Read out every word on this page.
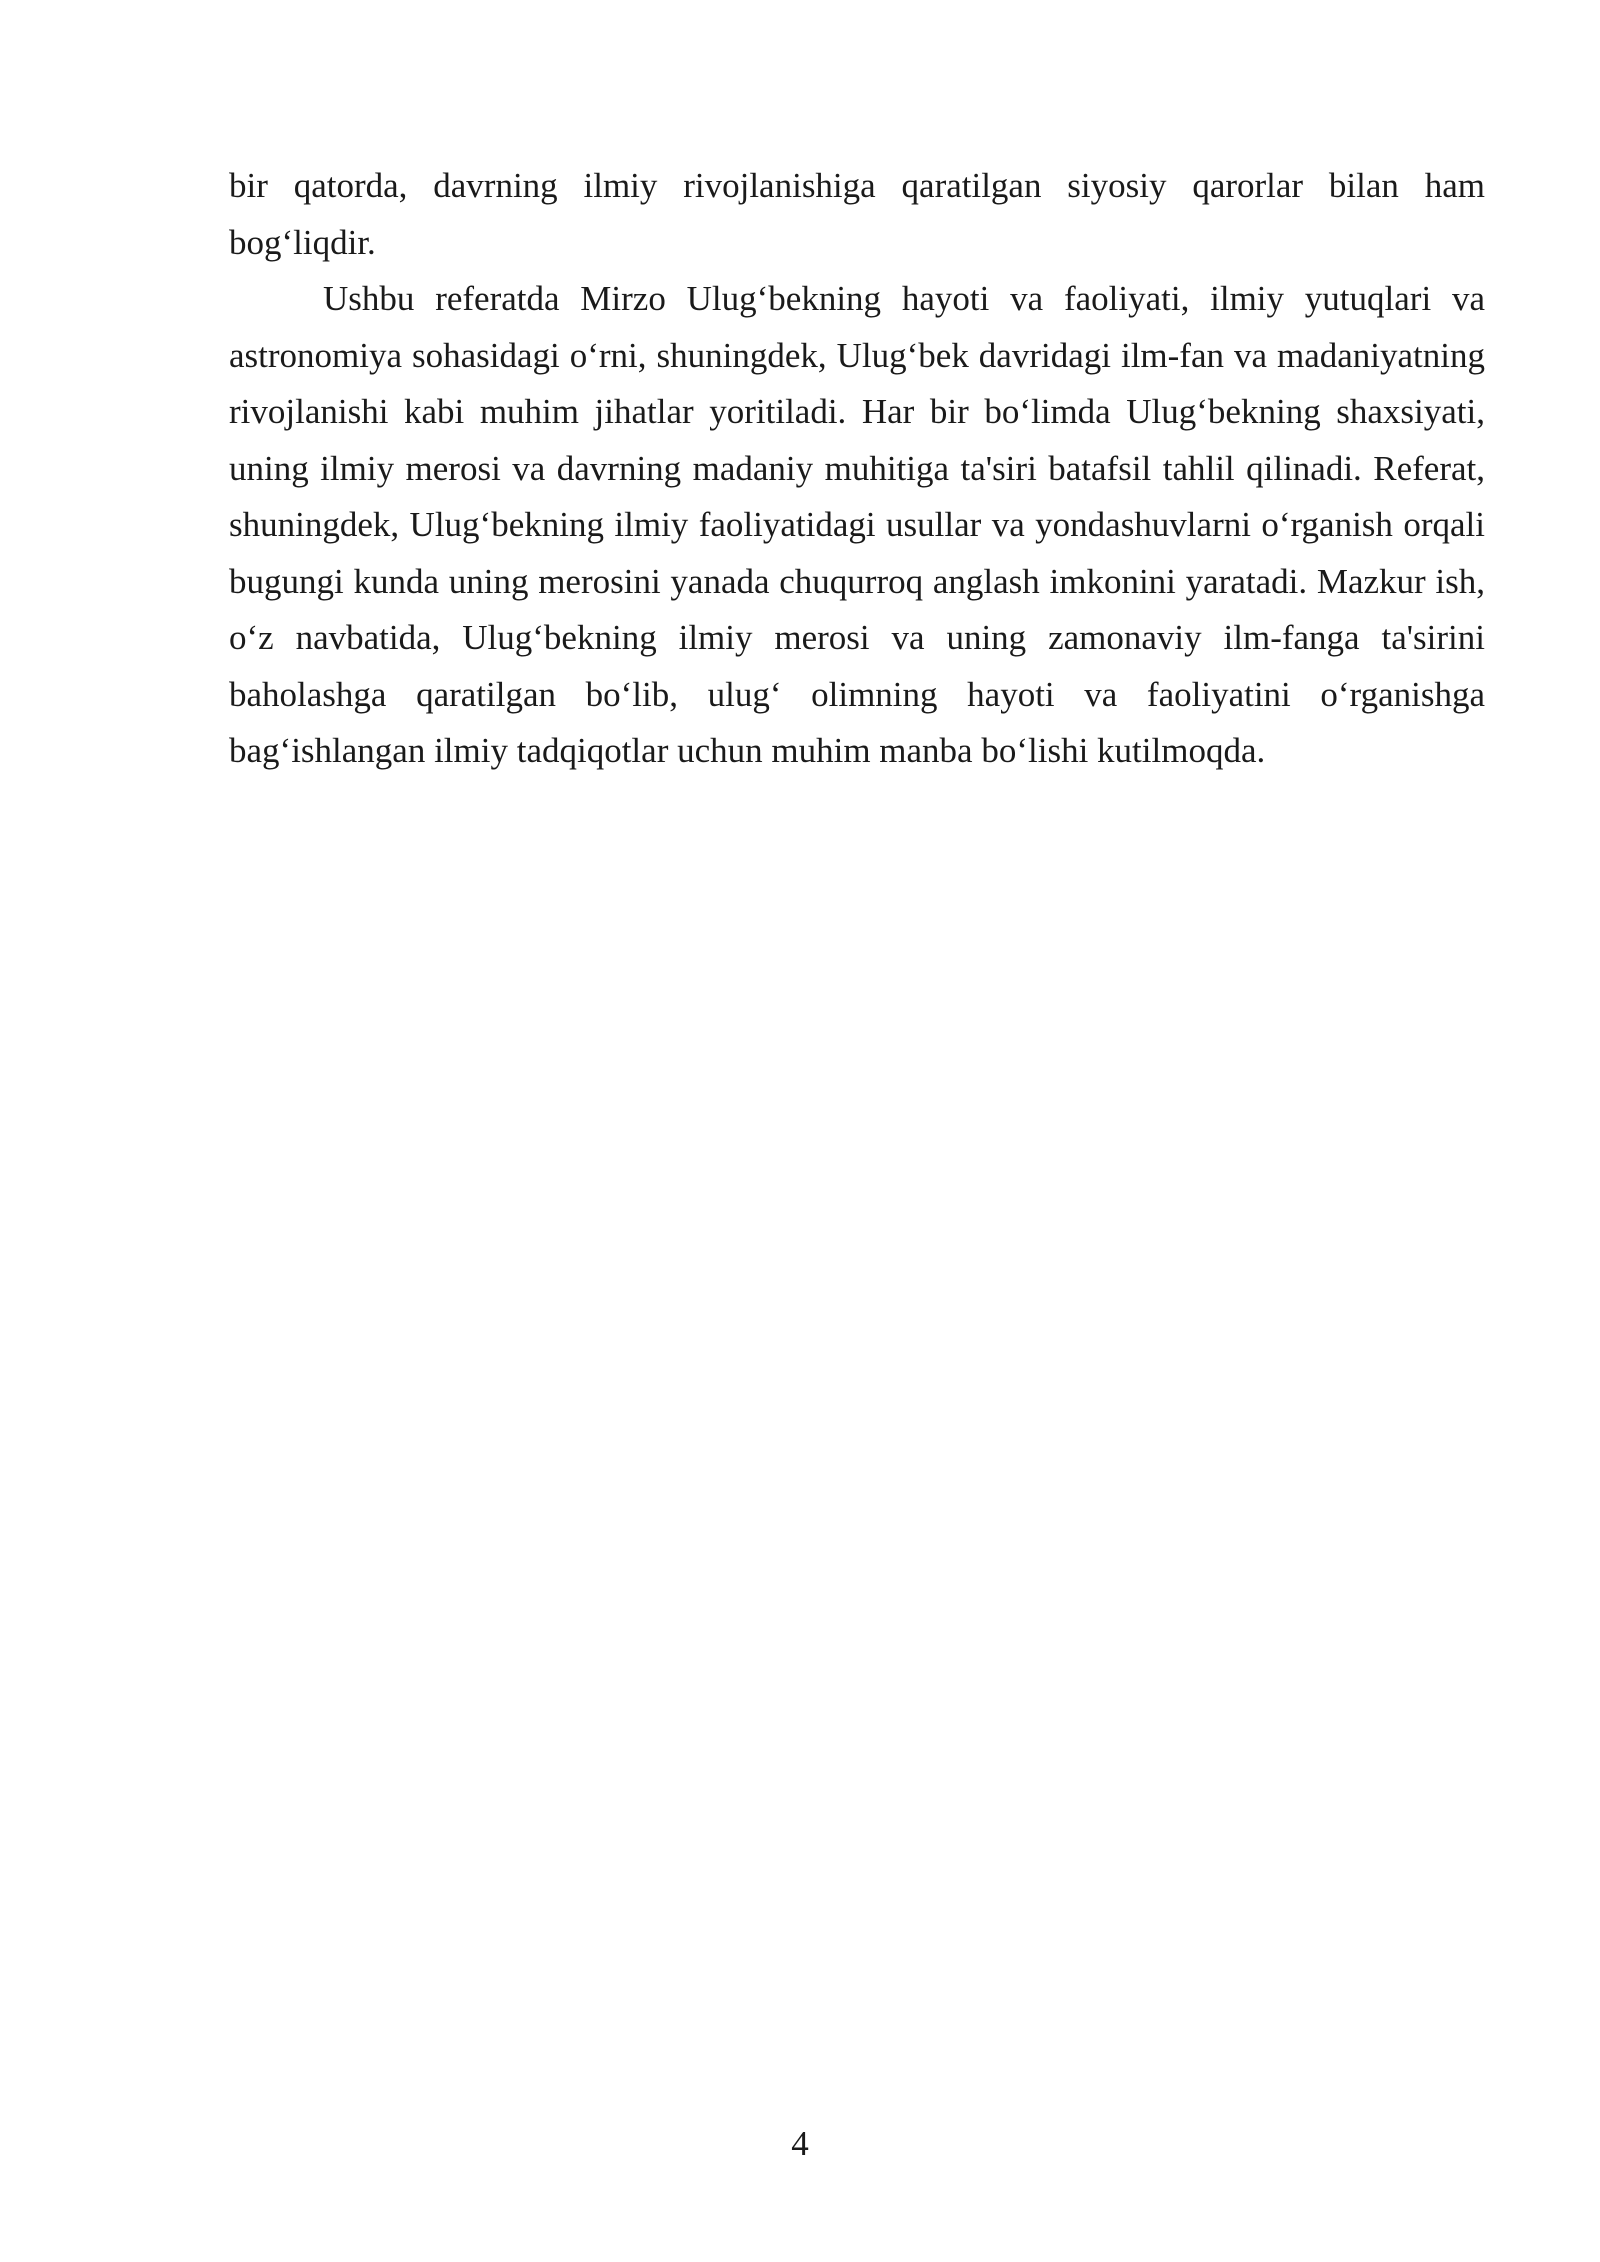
bir qatorda, davrning ilmiy rivojlanishiga qaratilgan siyosiy qarorlar bilan ham bog‘liqdir.

Ushbu referatda Mirzo Ulug‘bekning hayoti va faoliyati, ilmiy yutuqlari va astronomiya sohasidagi o‘rni, shuningdek, Ulug‘bek davridagi ilm-fan va madaniyatning rivojlanishi kabi muhim jihatlar yoritiladi. Har bir bo‘limda Ulug‘bekning shaxsiyati, uning ilmiy merosi va davrning madaniy muhitiga ta'siri batafsil tahlil qilinadi. Referat, shuningdek, Ulug‘bekning ilmiy faoliyatidagi usullar va yondashuvlarni o‘rganish orqali bugungi kunda uning merosini yanada chuqurroq anglash imkonini yaratadi. Mazkur ish, o‘z navbatida, Ulug‘bekning ilmiy merosi va uning zamonaviy ilm-fanga ta'sirini baholashga qaratilgan bo‘lib, ulug‘ olimning hayoti va faoliyatini o‘rganishga bag‘ishlangan ilmiy tadqiqotlar uchun muhim manba bo‘lishi kutilmoqda.

4
